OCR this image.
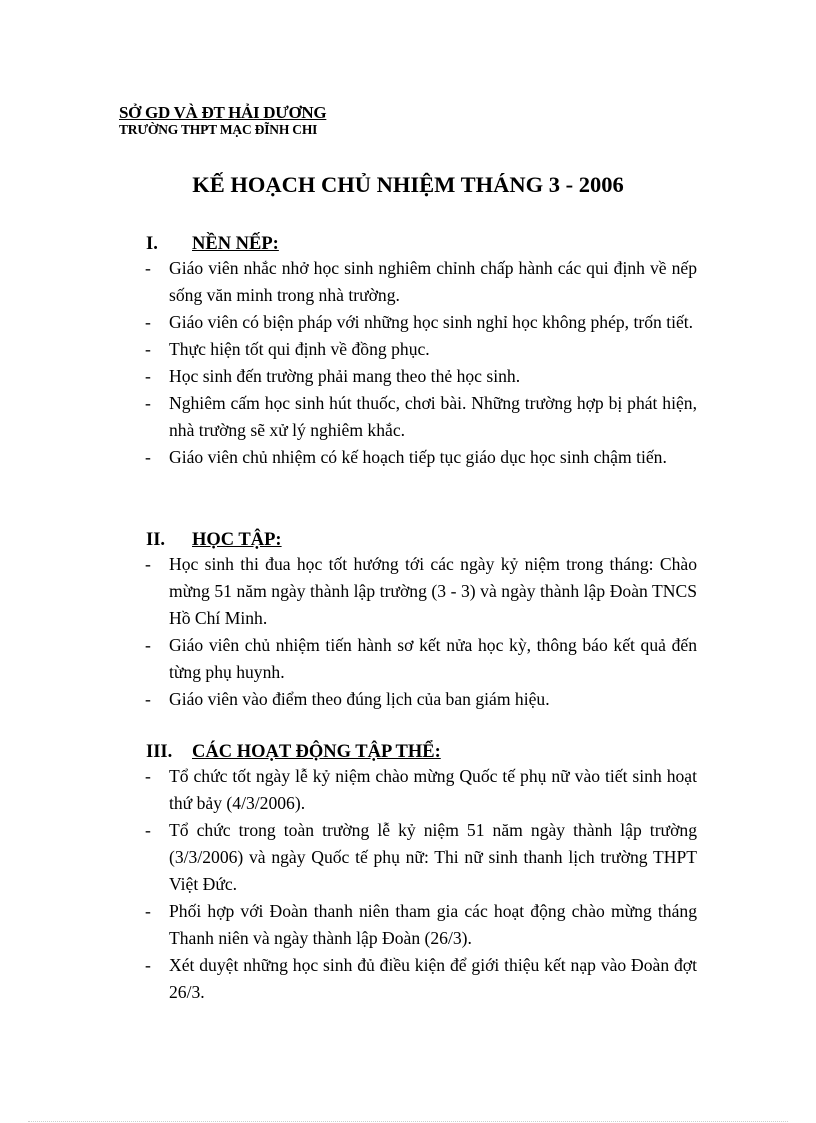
SỞ GD VÀ ĐT HẢI DƯƠNG
TRƯỜNG THPT MẠC ĐĨNH CHI
KẾ HOẠCH CHỦ NHIỆM THÁNG 3 - 2006
I.	NỀN NẾP:
-	Giáo viên nhắc nhở học sinh nghiêm chỉnh chấp hành các qui định về nếp sống văn minh trong nhà trường.
-	Giáo viên có biện pháp với những học sinh nghỉ học không phép, trốn tiết.
-	Thực hiện tốt qui định về đồng phục.
-	Học sinh đến trường phải mang theo thẻ học sinh.
-	Nghiêm cấm học sinh hút thuốc, chơi bài. Những trường hợp bị phát hiện, nhà trường sẽ xử lý nghiêm khắc.
-	Giáo viên chủ nhiệm có kế hoạch tiếp tục giáo dục học sinh chậm tiến.
II.	HỌC TẬP:
-	Học sinh thi đua học tốt hướng tới các ngày kỷ niệm trong tháng: Chào mừng 51 năm ngày thành lập trường (3 - 3) và ngày thành lập Đoàn TNCS Hồ Chí Minh.
-	Giáo viên chủ nhiệm tiến hành sơ kết nửa học kỳ, thông báo kết quả đến từng phụ huynh.
-	Giáo viên vào điểm theo đúng lịch của ban giám hiệu.
III.	CÁC HOẠT ĐỘNG TẬP THỂ:
-	Tổ chức tốt ngày lễ kỷ niệm chào mừng Quốc tế phụ nữ vào tiết sinh hoạt thứ bảy (4/3/2006).
-	Tổ chức trong toàn trường lễ kỷ niệm 51 năm ngày thành lập trường (3/3/2006) và ngày Quốc tế phụ nữ: Thi nữ sinh thanh lịch trường THPT Việt Đức.
-	Phối hợp với Đoàn thanh niên tham gia các hoạt động chào mừng tháng Thanh niên và ngày thành lập Đoàn (26/3).
-	Xét duyệt những học sinh đủ điều kiện để giới thiệu kết nạp vào Đoàn đợt 26/3.
